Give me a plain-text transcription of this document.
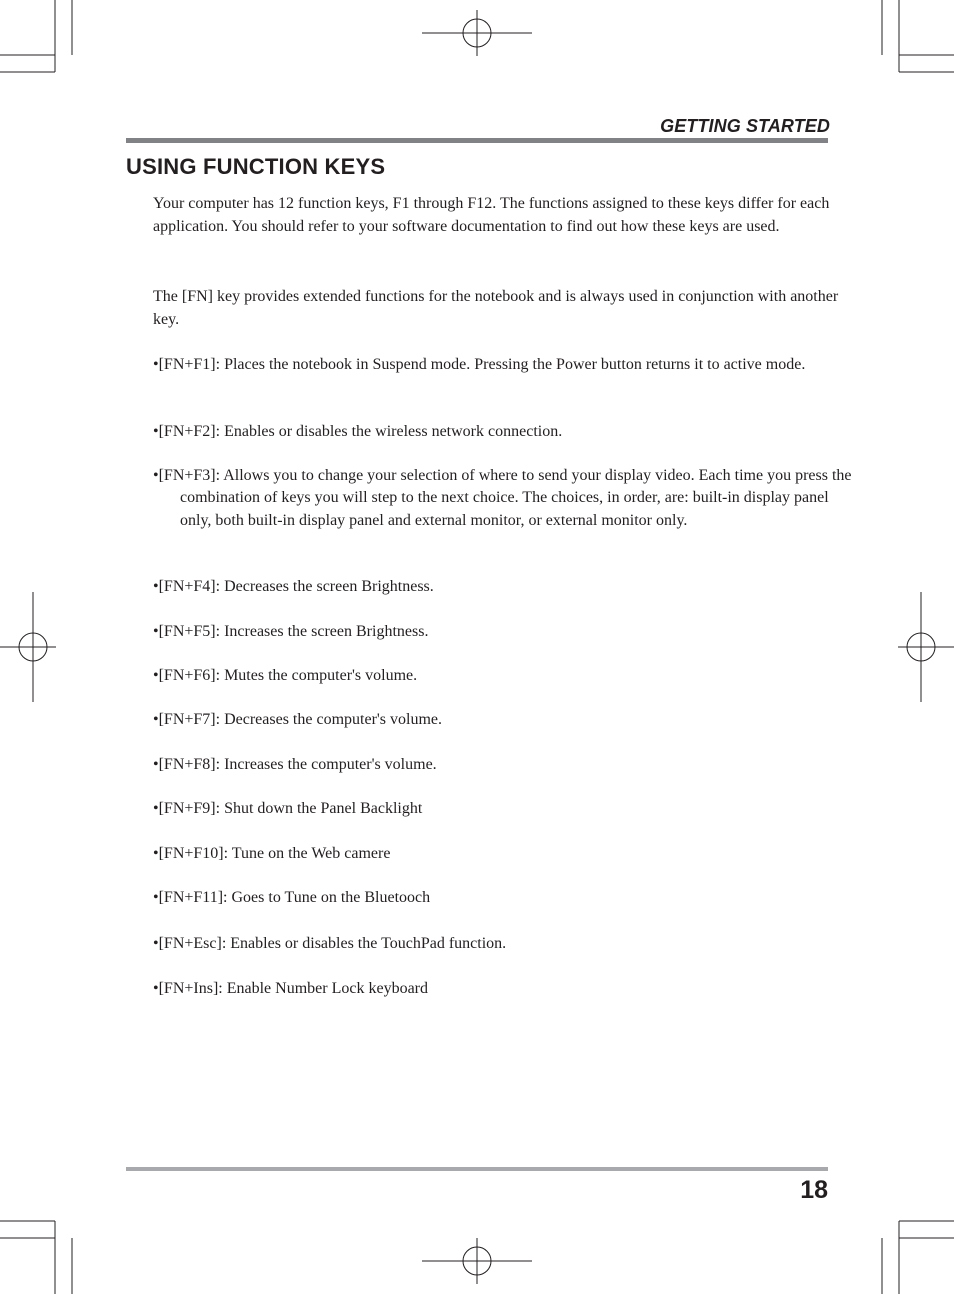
GETTING STARTED
USING FUNCTION KEYS

Your computer has 12 function keys, F1 through F12. The functions assigned to these keys differ for each application. You should refer to your software documentation to find out how these keys are used.

The [FN] key provides extended functions for the notebook and is always used in conjunction with another key.

•[FN+F1]: Places the notebook in Suspend mode. Pressing the Power button returns it to active mode.

•[FN+F2]: Enables or disables the wireless network connection.

•[FN+F3]: Allows you to change your selection of where to send your display video. Each time you press the combination of keys you will step to the next choice. The choices, in order, are: built-in display panel only, both built-in display panel and external monitor, or external monitor only.

•[FN+F4]: Decreases the screen Brightness.

•[FN+F5]: Increases the screen Brightness.

•[FN+F6]: Mutes the computer's volume.

•[FN+F7]: Decreases the computer's volume.

•[FN+F8]: Increases the computer's volume.

•[FN+F9]: Shut down the Panel Backlight

•[FN+F10]: Tune on the Web camere

•[FN+F11]: Goes to Tune on the Bluetooch

•[FN+Esc]: Enables or disables the TouchPad function.

•[FN+Ins]: Enable Number Lock keyboard

18
